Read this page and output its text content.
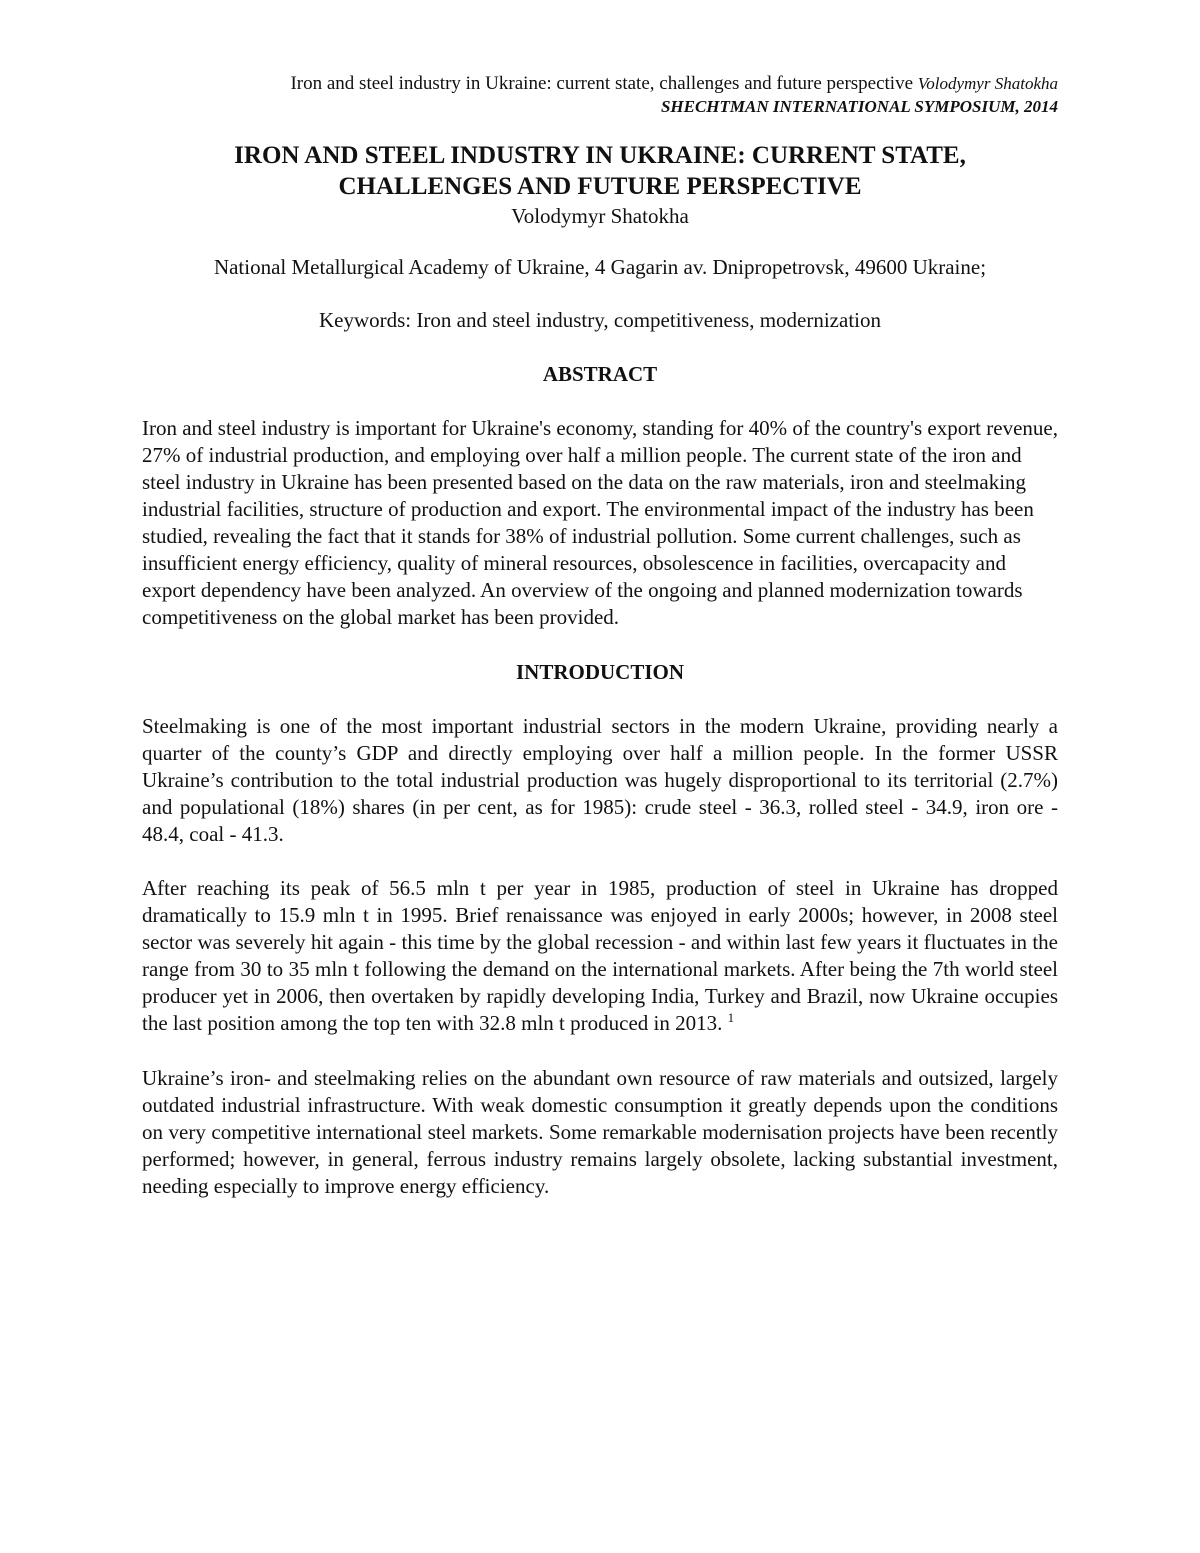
Iron and steel industry in Ukraine: current state, challenges and future perspective Volodymyr Shatokha
SHECHTMAN INTERNATIONAL SYMPOSIUM, 2014
IRON AND STEEL INDUSTRY IN UKRAINE: CURRENT STATE,
CHALLENGES AND FUTURE PERSPECTIVE
Volodymyr Shatokha
National Metallurgical Academy of Ukraine, 4 Gagarin av. Dnipropetrovsk, 49600 Ukraine;
Keywords: Iron and steel industry, competitiveness, modernization
ABSTRACT

Iron and steel industry is important for Ukraine's economy, standing for 40% of the country's export revenue, 27% of industrial production, and employing over half a million people. The current state of the iron and steel industry in Ukraine has been presented based on the data on the raw materials, iron and steelmaking industrial facilities, structure of production and export. The environmental impact of the industry has been studied, revealing the fact that it stands for 38% of industrial pollution. Some current challenges, such as insufficient energy efficiency, quality of mineral resources, obsolescence in facilities, overcapacity and export dependency have been analyzed. An overview of the ongoing and planned modernization towards competitiveness on the global market has been provided.

INTRODUCTION

Steelmaking is one of the most important industrial sectors in the modern Ukraine, providing nearly a quarter of the county’s GDP and directly employing over half a million people. In the former USSR Ukraine’s contribution to the total industrial production was hugely disproportional to its territorial (2.7%) and populational (18%) shares (in per cent, as for 1985): crude steel - 36.3, rolled steel - 34.9, iron ore - 48.4, coal - 41.3.

After reaching its peak of 56.5 mln t per year in 1985, production of steel in Ukraine has dropped dramatically to 15.9 mln t in 1995. Brief renaissance was enjoyed in early 2000s; however, in 2008 steel sector was severely hit again - this time by the global recession - and within last few years it fluctuates in the range from 30 to 35 mln t following the demand on the international markets. After being the 7th world steel producer yet in 2006, then overtaken by rapidly developing India, Turkey and Brazil, now Ukraine occupies the last position among the top ten with 32.8 mln t produced in 2013. $^1$

Ukraine’s iron- and steelmaking relies on the abundant own resource of raw materials and outsized, largely outdated industrial infrastructure. With weak domestic consumption it greatly depends upon the conditions on very competitive international steel markets. Some remarkable modernisation projects have been recently performed; however, in general, ferrous industry remains largely obsolete, lacking substantial investment, needing especially to improve energy efficiency.
